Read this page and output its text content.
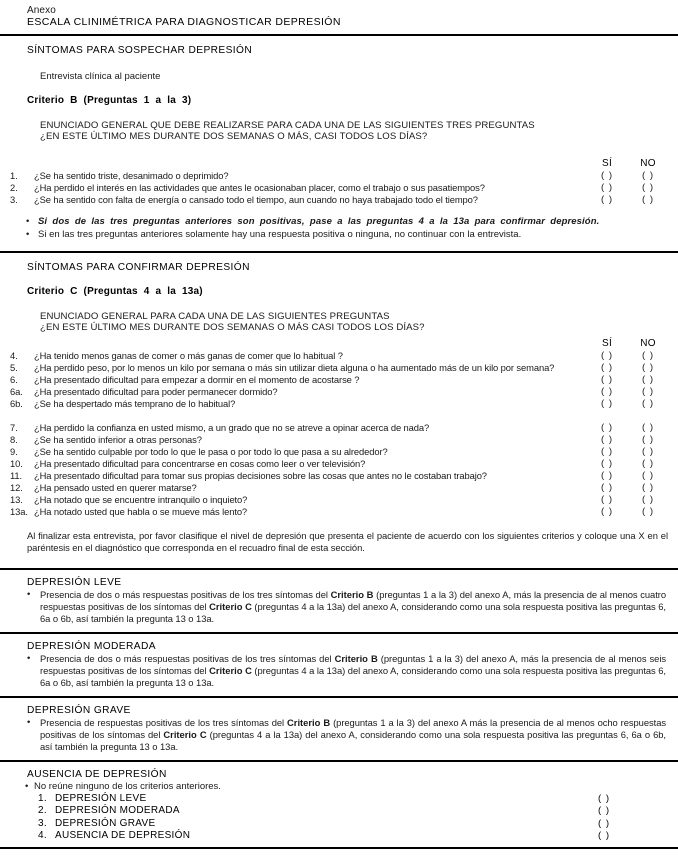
Anexo
ESCALA CLINIMÉTRICA PARA DIAGNOSTICAR DEPRESIÓN
SÍNTOMAS PARA SOSPECHAR DEPRESIÓN
Entrevista clínica al paciente
Criterio B (Preguntas 1 a la 3)
ENUNCIADO GENERAL QUE DEBE REALIZARSE PARA CADA UNA DE LAS SIGUIENTES TRES PREGUNTAS
¿EN ESTE ÚLTIMO MES DURANTE DOS SEMANAS O MÁS, CASI TODOS LOS DÍAS?
SÍ	NO
1.	¿Se ha sentido triste, desanimado o deprimido?	( )	( )
2.	¿Ha perdido el interés en las actividades que antes le ocasionaban placer, como el trabajo o sus pasatiempos?	( )	( )
3.	¿Se ha sentido con falta de energía o cansado todo el tiempo, aun cuando no haya trabajado todo el tiempo?	( )	( )
• Si dos de las tres preguntas anteriores son positivas, pase a las preguntas 4 a la 13a para confirmar depresión.
• Si en las tres preguntas anteriores solamente hay una respuesta positiva o ninguna, no continuar con la entrevista.
SÍNTOMAS PARA CONFIRMAR DEPRESIÓN
Criterio C (Preguntas 4 a la 13a)
ENUNCIADO GENERAL PARA CADA UNA DE LAS SIGUIENTES PREGUNTAS
¿EN ESTE ÚLTIMO MES DURANTE DOS SEMANAS O MÁS CASI TODOS LOS DÍAS?
SÍ	NO
4.	¿Ha tenido menos ganas de comer o más ganas de comer que lo habitual ?	( )	( )
5.	¿Ha perdido peso, por lo menos un kilo por semana o más sin utilizar dieta alguna o ha aumentado más de un kilo por semana?	( )	( )
6.	¿Ha presentado dificultad para empezar a dormir en el momento de acostarse ?	( )	( )
6a.	¿Ha presentado dificultad para poder permanecer dormido?	( )	( )
6b.	¿Se ha despertado más temprano de lo habitual?	( )	( )
7.	¿Ha perdido la confianza en usted mismo, a un grado que no se atreve a opinar acerca de nada?	( )	( )
8.	¿Se ha sentido inferior a otras personas?	( )	( )
9.	¿Se ha sentido culpable por todo lo que le pasa o por todo lo que pasa a su alrededor?	( )	( )
10.	¿Ha presentado dificultad para concentrarse en cosas como leer o ver televisión?	( )	( )
11.	¿Ha presentado dificultad para tomar sus propias decisiones sobre las cosas que antes no le costaban trabajo?	( )	( )
12.	¿Ha pensado usted en querer matarse?	( )	( )
13.	¿Ha notado que se encuentre intranquilo o inquieto?	( )	( )
13a. ¿Ha notado usted que habla o se mueve más lento?	( )	( )
Al finalizar esta entrevista, por favor clasifique el nivel de depresión que presenta el paciente de acuerdo con los siguientes criterios y coloque una X en el paréntesis en el diagnóstico que corresponda en el recuadro final de esta sección.
DEPRESIÓN LEVE
•	Presencia de dos o más respuestas positivas de los tres síntomas del Criterio B (preguntas 1 a la 3) del anexo A, más la presencia de al menos cuatro respuestas positivas de los síntomas del Criterio C (preguntas 4 a la 13a) del anexo A, considerando como una sola respuesta positiva las preguntas 6, 6a o 6b, así también la pregunta 13 o 13a.

DEPRESIÓN MODERADA
•	Presencia de dos o más respuestas positivas de los tres síntomas del Criterio B (preguntas 1 a la 3) del anexo A, más la presencia de al menos seis respuestas positivas de los síntomas del Criterio C (preguntas 4 a la 13a) del anexo A, considerando como una sola respuesta positiva las preguntas 6, 6a o 6b, así también la pregunta 13 o 13a.

DEPRESIÓN GRAVE
•	Presencia de respuestas positivas de los tres síntomas del Criterio B (preguntas 1 a la 3) del anexo A más la presencia de al menos ocho respuestas positivas de los síntomas del Criterio C (preguntas 4 a la 13a) del anexo A, considerando como una sola respuesta positiva las preguntas 6, 6a o 6b, así también la pregunta 13 o 13a.

AUSENCIA DE DEPRESIÓN
• No reúne ninguno de los criterios anteriores.
1. DEPRESIÓN LEVE	( )
2. DEPRESIÓN MODERADA	( )
3. DEPRESIÓN GRAVE	( )
4. AUSENCIA DE DEPRESIÓN	( )
